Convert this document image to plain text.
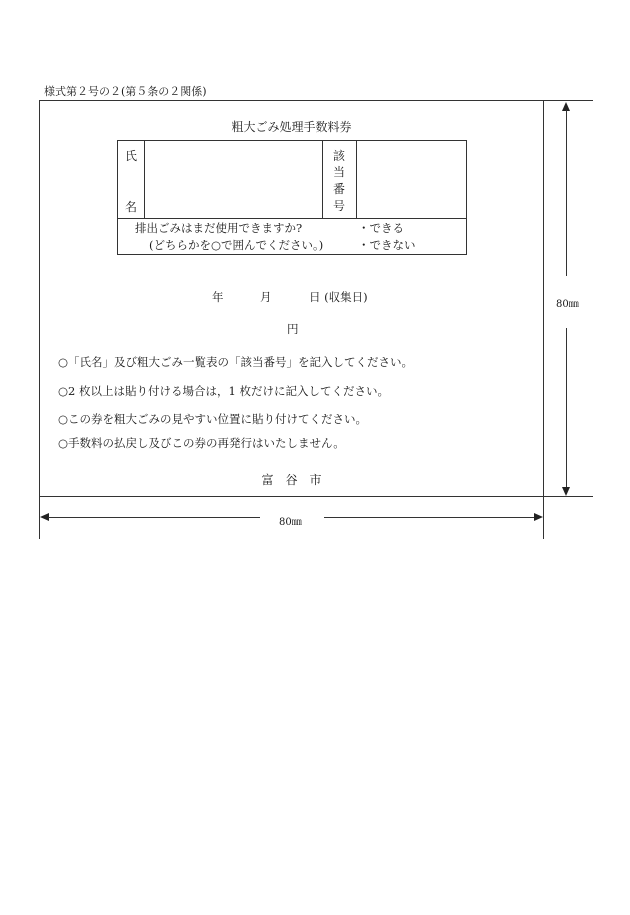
様式第２号の２(第５条の２関係)
粗大ごみ処理手数料券
氏
名
該
当
番
号
排出ごみはまだ使用できますか?
(どちらかを○で囲んでください。)
・できる
・できない
年	月	日 (収集日)
円
○「氏名」及び粗大ごみ一覧表の「該当番号」を記入してください。
○2 枚以上は貼り付ける場合は，1 枚だけに記入してください。
○この券を粗大ごみの見やすい位置に貼り付けてください。
○手数料の払戻し及びこの券の再発行はいたしません。
富　谷　市
80㎜
80㎜
